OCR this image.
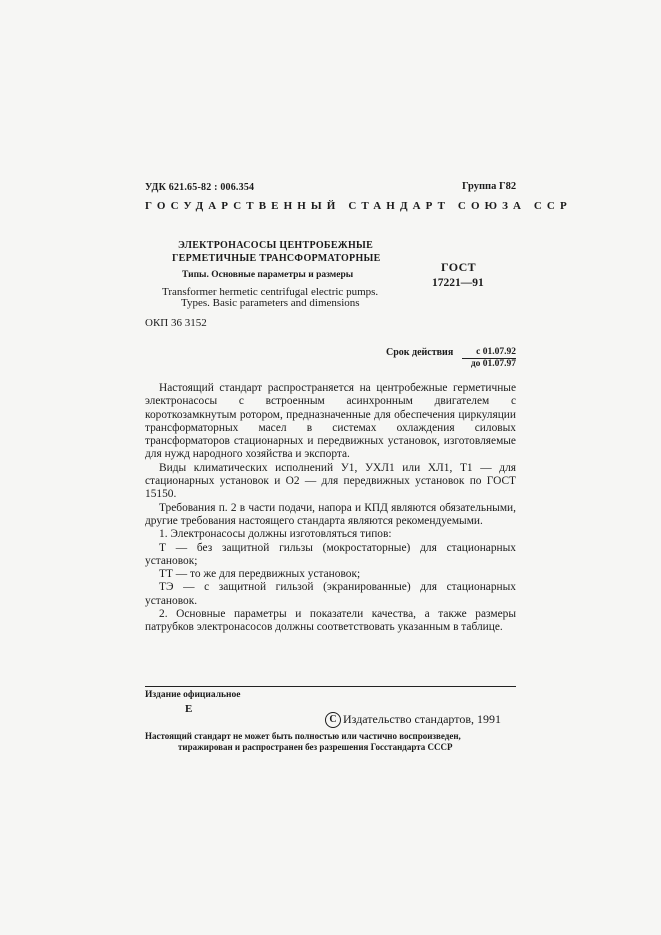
УДК 621.65-82 : 006.354	Группа Г82
ГОСУДАРСТВЕННЫЙ СТАНДАРТ СОЮЗА ССР
ЭЛЕКТРОНАСОСЫ ЦЕНТРОБЕЖНЫЕ
ГЕРМЕТИЧНЫЕ ТРАНСФОРМАТОРНЫЕ
Типы. Основные параметры и размеры
Transformer hermetic centrifugal electric pumps.
Types. Basic parameters and dimensions
ГОСТ
17221—91
ОКП 36 3152
Срок действия	с 01.07.92
до 01.07.97

Настоящий стандарт распространяется на центробежные герметичные электронасосы с встроенным асинхронным двигателем с короткозамкнутым ротором, предназначенные для обеспечения циркуляции трансформаторных масел в системах охлаждения силовых трансформаторов стационарных и передвижных установок, изготовляемые для нужд народного хозяйства и экспорта.

Виды климатических исполнений У1, УХЛ1 или ХЛ1, Т1 — для стационарных установок и О2 — для передвижных установок по ГОСТ 15150.

Требования п. 2 в части подачи, напора и КПД являются обязательными, другие требования настоящего стандарта являются рекомендуемыми.

1. Электронасосы должны изготовляться типов:

Т — без защитной гильзы (мокростаторные) для стационарных установок;

ТТ — то же для передвижных установок;

ТЭ — с защитной гильзой (экранированные) для стационарных установок.

2. Основные параметры и показатели качества, а также размеры патрубков электронасосов должны соответствовать указанным в таблице.

Издание официальное
Е
C Издательство стандартов, 1991
Настоящий стандарт не может быть полностью или частично воспроизведен,
тиражирован и распространен без разрешения Госстандарта СССР
